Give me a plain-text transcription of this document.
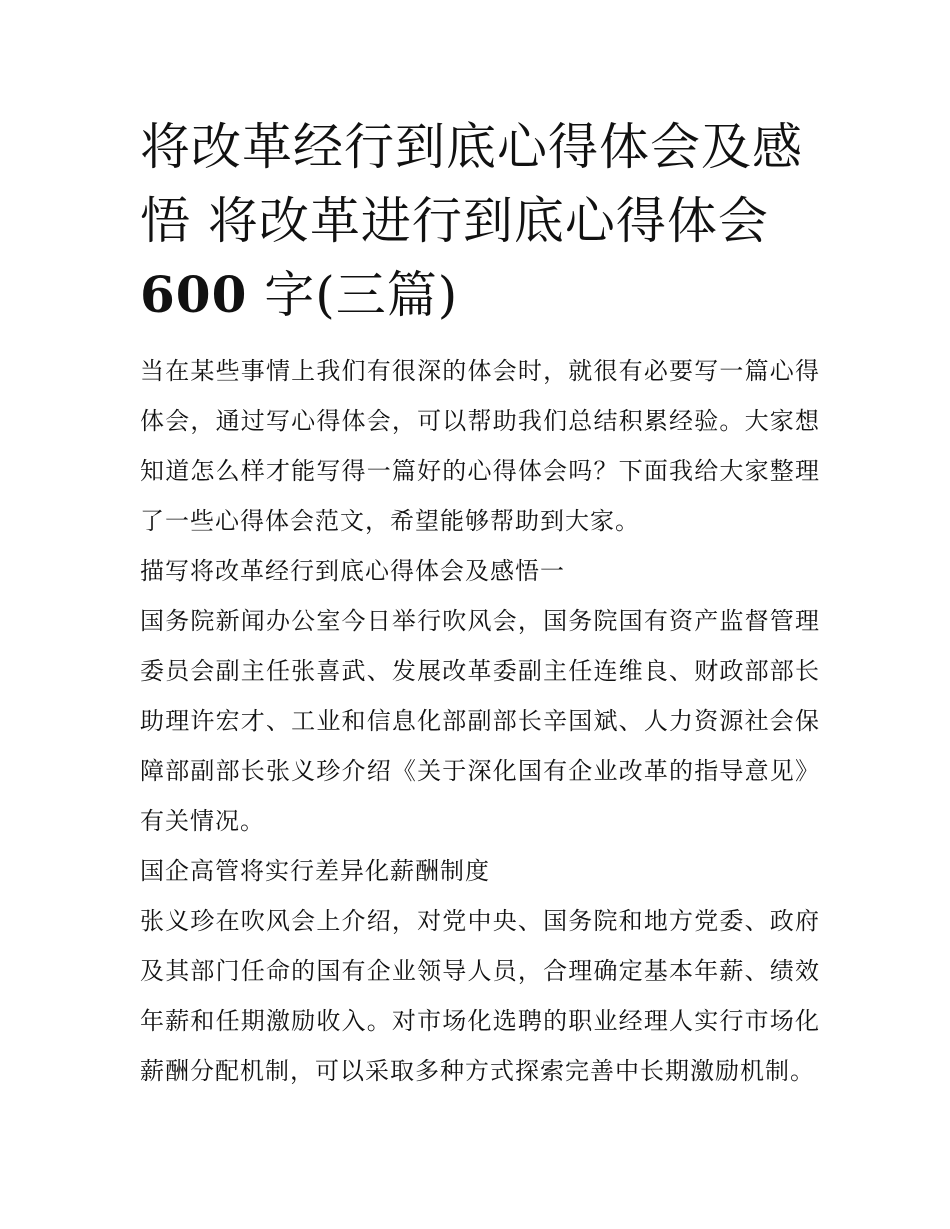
将改革经行到底心得体会及感
悟 将改革进行到底心得体会
600 字(三篇)

当在某些事情上我们有很深的体会时，就很有必要写一篇心得体会，通过写心得体会，可以帮助我们总结积累经验。大家想知道怎么样才能写得一篇好的心得体会吗？下面我给大家整理了一些心得体会范文，希望能够帮助到大家。

描写将改革经行到底心得体会及感悟一

国务院新闻办公室今日举行吹风会，国务院国有资产监督管理委员会副主任张喜武、发展改革委副主任连维良、财政部部长助理许宏才、工业和信息化部副部长辛国斌、人力资源社会保障部副部长张义珍介绍《关于深化国有企业改革的指导意见》有关情况。

国企高管将实行差异化薪酬制度

张义珍在吹风会上介绍，对党中央、国务院和地方党委、政府及其部门任命的国有企业领导人员，合理确定基本年薪、绩效年薪和任期激励收入。对市场化选聘的职业经理人实行市场化薪酬分配机制，可以采取多种方式探索完善中长期激励机制。
